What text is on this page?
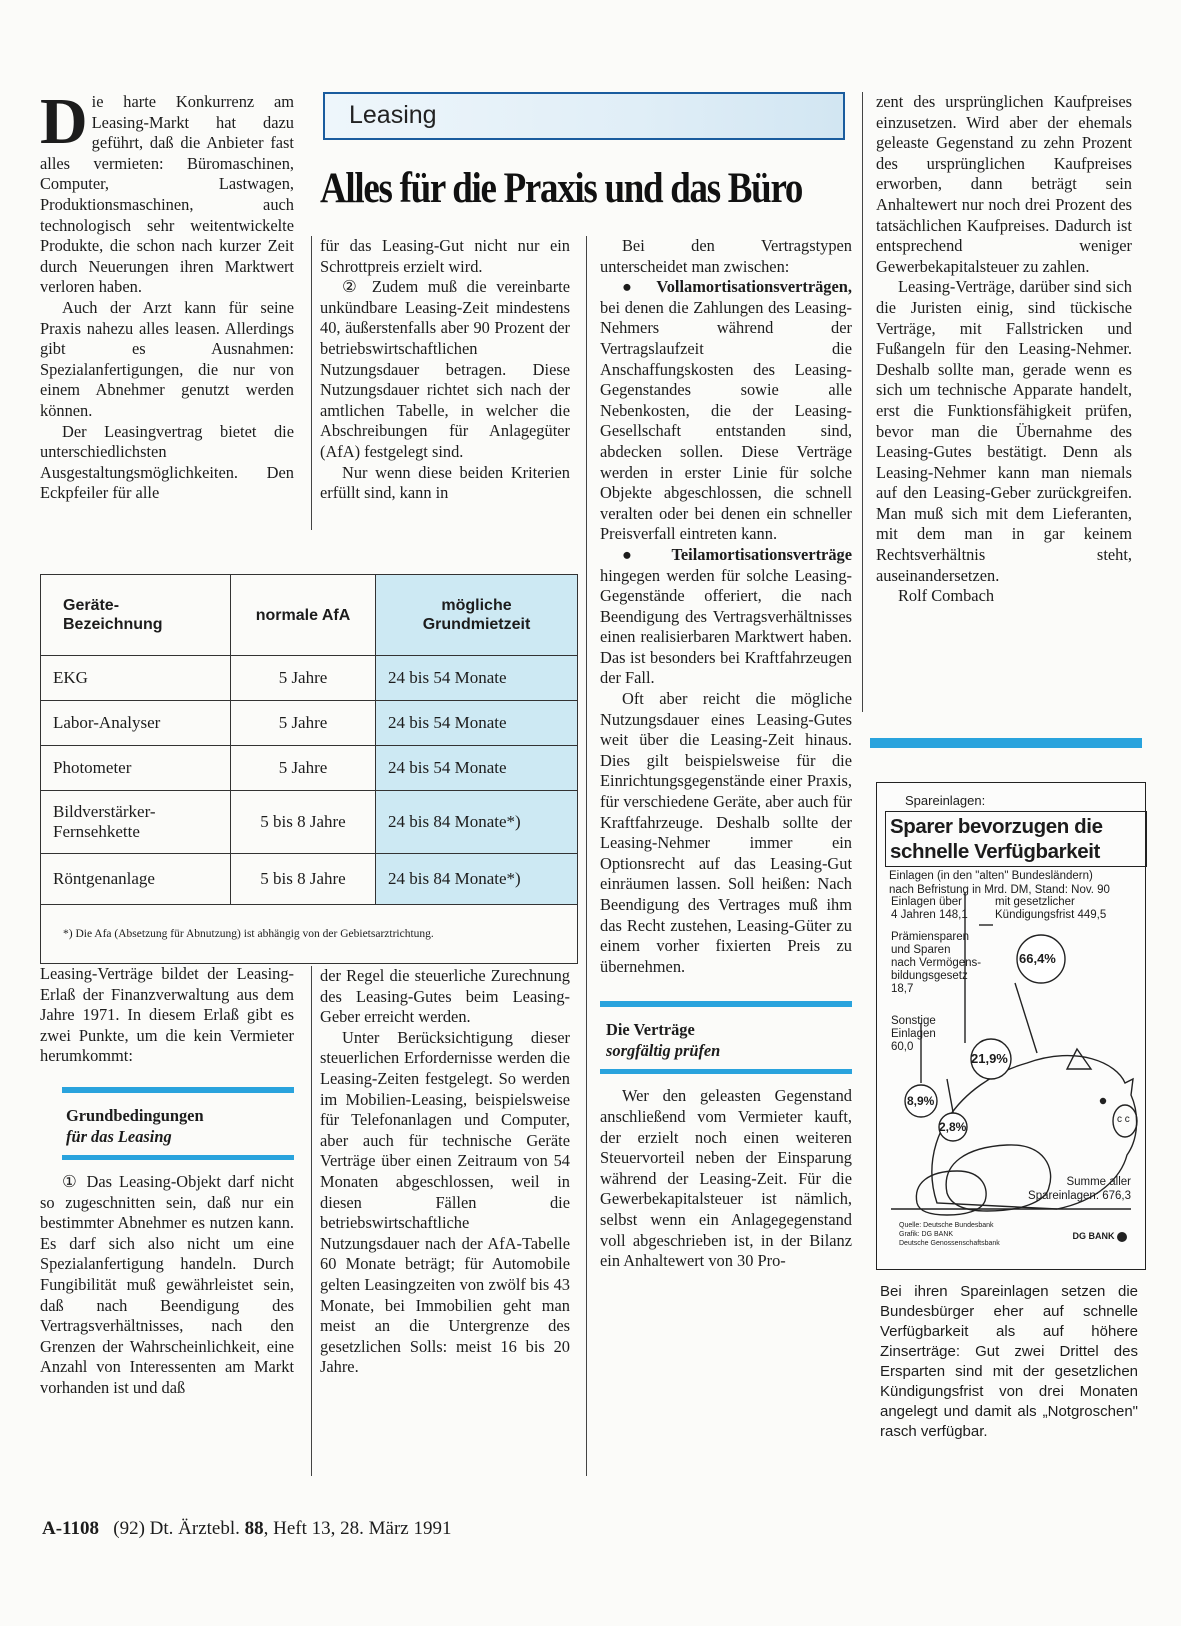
Die harte Konkurrenz am Leasing-Markt hat dazu geführt, daß die Anbieter fast alles vermieten: Büromaschinen, Computer, Lastwagen, Produktionsmaschinen, auch technologisch sehr weitentwickelte Produkte, die schon nach kurzer Zeit durch Neuerungen ihren Marktwert verloren haben.

Auch der Arzt kann für seine Praxis nahezu alles leasen. Allerdings gibt es Ausnahmen: Spezialanfertigungen, die nur von einem Abnehmer genutzt werden können.

Der Leasingvertrag bietet die unterschiedlichsten Ausgestaltungsmöglichkeiten. Den Eckpfeiler für alle

Leasing
Alles für die Praxis und das Büro

für das Leasing-Gut nicht nur ein Schrottpreis erzielt wird.

② Zudem muß die vereinbarte unkündbare Leasing-Zeit mindestens 40, äußerstenfalls aber 90 Prozent der betriebswirtschaftlichen Nutzungsdauer betragen. Diese Nutzungsdauer richtet sich nach der amtlichen Tabelle, in welcher die Abschreibungen für Anlagegüter (AfA) festgelegt sind.

Nur wenn diese beiden Kriterien erfüllt sind, kann in

Geräte-Bezeichnung	normale AfA	mögliche Grundmietzeit
EKG	5 Jahre	24 bis 54 Monate
Labor-Analyser	5 Jahre	24 bis 54 Monate
Photometer	5 Jahre	24 bis 54 Monate
Bildverstärker-Fernsehkette	5 bis 8 Jahre	24 bis 84 Monate*)
Röntgenanlage	5 bis 8 Jahre	24 bis 84 Monate*)
*) Die Afa (Absetzung für Abnutzung) ist abhängig von der Gebietsarztrichtung.		

Leasing-Verträge bildet der Leasing-Erlaß der Finanzverwaltung aus dem Jahre 1971. In diesem Erlaß gibt es zwei Punkte, um die kein Vermieter herumkommt:

Grundbedingungen
für das Leasing

① Das Leasing-Objekt darf nicht so zugeschnitten sein, daß nur ein bestimmter Abnehmer es nutzen kann. Es darf sich also nicht um eine Spezialanfertigung handeln. Durch Fungibilität muß gewährleistet sein, daß nach Beendigung des Vertragsverhältnisses, nach den Grenzen der Wahrscheinlichkeit, eine Anzahl von Interessenten am Markt vorhanden ist und daß

der Regel die steuerliche Zurechnung des Leasing-Gutes beim Leasing-Geber erreicht werden.

Unter Berücksichtigung dieser steuerlichen Erfordernisse werden die Leasing-Zeiten festgelegt. So werden im Mobilien-Leasing, beispielsweise für Telefonanlagen und Computer, aber auch für technische Geräte Verträge über einen Zeitraum von 54 Monaten abgeschlossen, weil in diesen Fällen die betriebswirtschaftliche Nutzungsdauer nach der AfA-Tabelle 60 Monate beträgt; für Automobile gelten Leasingzeiten von zwölf bis 43 Monate, bei Immobilien geht man meist an die Untergrenze des gesetzlichen Solls: meist 16 bis 20 Jahre.

Bei den Vertragstypen unterscheidet man zwischen:

● Vollamortisationsverträgen, bei denen die Zahlungen des Leasing-Nehmers während der Vertragslaufzeit die Anschaffungskosten des Leasing-Gegenstandes sowie alle Nebenkosten, die der Leasing-Gesellschaft entstanden sind, abdecken sollen. Diese Verträge werden in erster Linie für solche Objekte abgeschlossen, die schnell veralten oder bei denen ein schneller Preisverfall eintreten kann.

● Teilamortisationsverträge hingegen werden für solche Leasing-Gegenstände offeriert, die nach Beendigung des Vertragsverhältnisses einen realisierbaren Marktwert haben. Das ist besonders bei Kraftfahrzeugen der Fall.

Oft aber reicht die mögliche Nutzungsdauer eines Leasing-Gutes weit über die Leasing-Zeit hinaus. Dies gilt beispielsweise für die Einrichtungsgegenstände einer Praxis, für verschiedene Geräte, aber auch für Kraftfahrzeuge. Deshalb sollte der Leasing-Nehmer immer ein Optionsrecht auf das Leasing-Gut einräumen lassen. Soll heißen: Nach Beendigung des Vertrages muß ihm das Recht zustehen, Leasing-Güter zu einem vorher fixierten Preis zu übernehmen.

Die Verträge
sorgfältig prüfen

Wer den geleasten Gegenstand anschließend vom Vermieter kauft, der erzielt noch einen weiteren Steuervorteil neben der Einsparung während der Leasing-Zeit. Für die Gewerbekapitalsteuer ist nämlich, selbst wenn ein Anlagegegenstand voll abgeschrieben ist, in der Bilanz ein Anhaltewert von 30 Pro-

zent des ursprünglichen Kaufpreises einzusetzen. Wird aber der ehemals geleaste Gegenstand zu zehn Prozent des ursprünglichen Kaufpreises erworben, dann beträgt sein Anhaltewert nur noch drei Prozent des tatsächlichen Kaufpreises. Dadurch ist entsprechend weniger Gewerbekapitalsteuer zu zahlen.

Leasing-Verträge, darüber sind sich die Juristen einig, sind tückische Verträge, mit Fallstricken und Fußangeln für den Leasing-Nehmer. Deshalb sollte man, gerade wenn es sich um technische Apparate handelt, erst die Funktionsfähigkeit prüfen, bevor man die Übernahme des Leasing-Gutes bestätigt. Denn als Leasing-Nehmer kann man niemals auf den Leasing-Geber zurückgreifen. Man muß sich mit dem Lieferanten, mit dem man in gar keinem Rechtsverhältnis steht, auseinandersetzen.

Rolf Combach

Spareinlagen:
Sparer bevorzugen die
schnelle Verfügbarkeit
Einlagen (in den "alten" Bundesländern)
nach Befristung in Mrd. DM, Stand: Nov. 90
Einlagen über
4 Jahren 148,1
mit gesetzlicher
Kündigungsfrist 449,5
Prämiensparen
und Sparen
nach Vermögens-
bildungsgesetz
18,7
Sonstige
Einlagen
60,0
66,4%
21,9%
8,9%
2,8%
c c
Summe aller
Spareinlagen: 676,3
Quelle: Deutsche Bundesbank
Grafik: DG BANK
Deutsche Genossenschaftsbank
DG BANK
Bei ihren Spareinlagen setzen die Bundesbürger eher auf schnelle Verfügbarkeit als auf höhere Zinserträge: Gut zwei Drittel des Ersparten sind mit der gesetzlichen Kündigungsfrist von drei Monaten angelegt und damit als „Notgroschen" rasch verfügbar.
A-1108 (92) Dt. Ärztebl. 88, Heft 13, 28. März 1991
